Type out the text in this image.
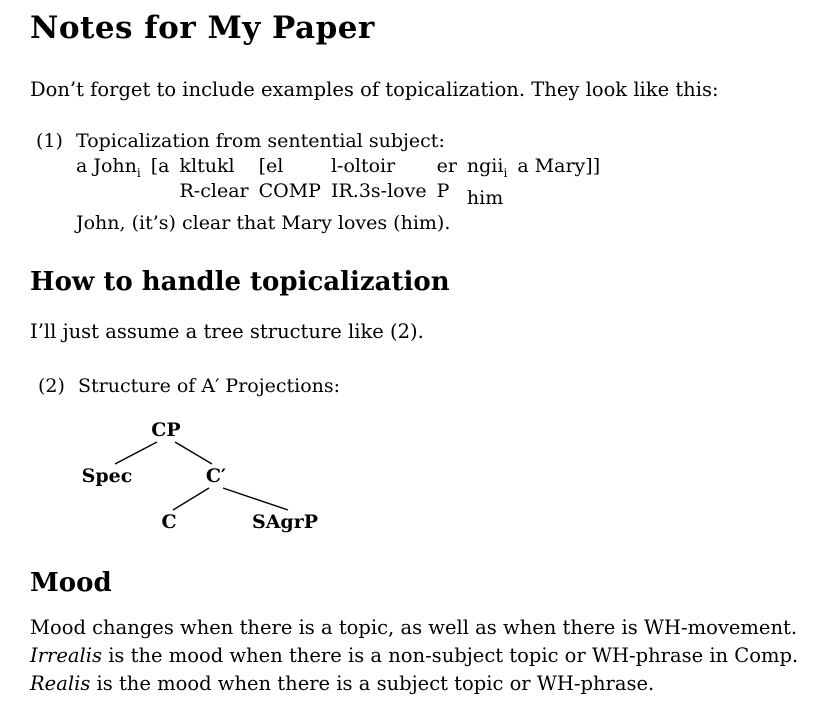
Notes for My Paper

Don’t forget to include examples of topicalization. They look like this:

(1) Topicalization from sentential subject:
a John$_i$
[a
kltukl
R-clear
[el
COMP
l-oltoir
IR.3s-love
er
P
ngii$_i$
him
a Mary]]

John, (it’s) clear that Mary loves (him).
How to handle topicalization

I’ll just assume a tree structure like (2).

(2) Structure of A′ Projections:
CP
Spec	C′
C	SAgrP
Mood
Mood changes when there is a topic, as well as when there is WH-movement.
Irrealis is the mood when there is a non-subject topic or WH-phrase in Comp.
Realis is the mood when there is a subject topic or WH-phrase.
